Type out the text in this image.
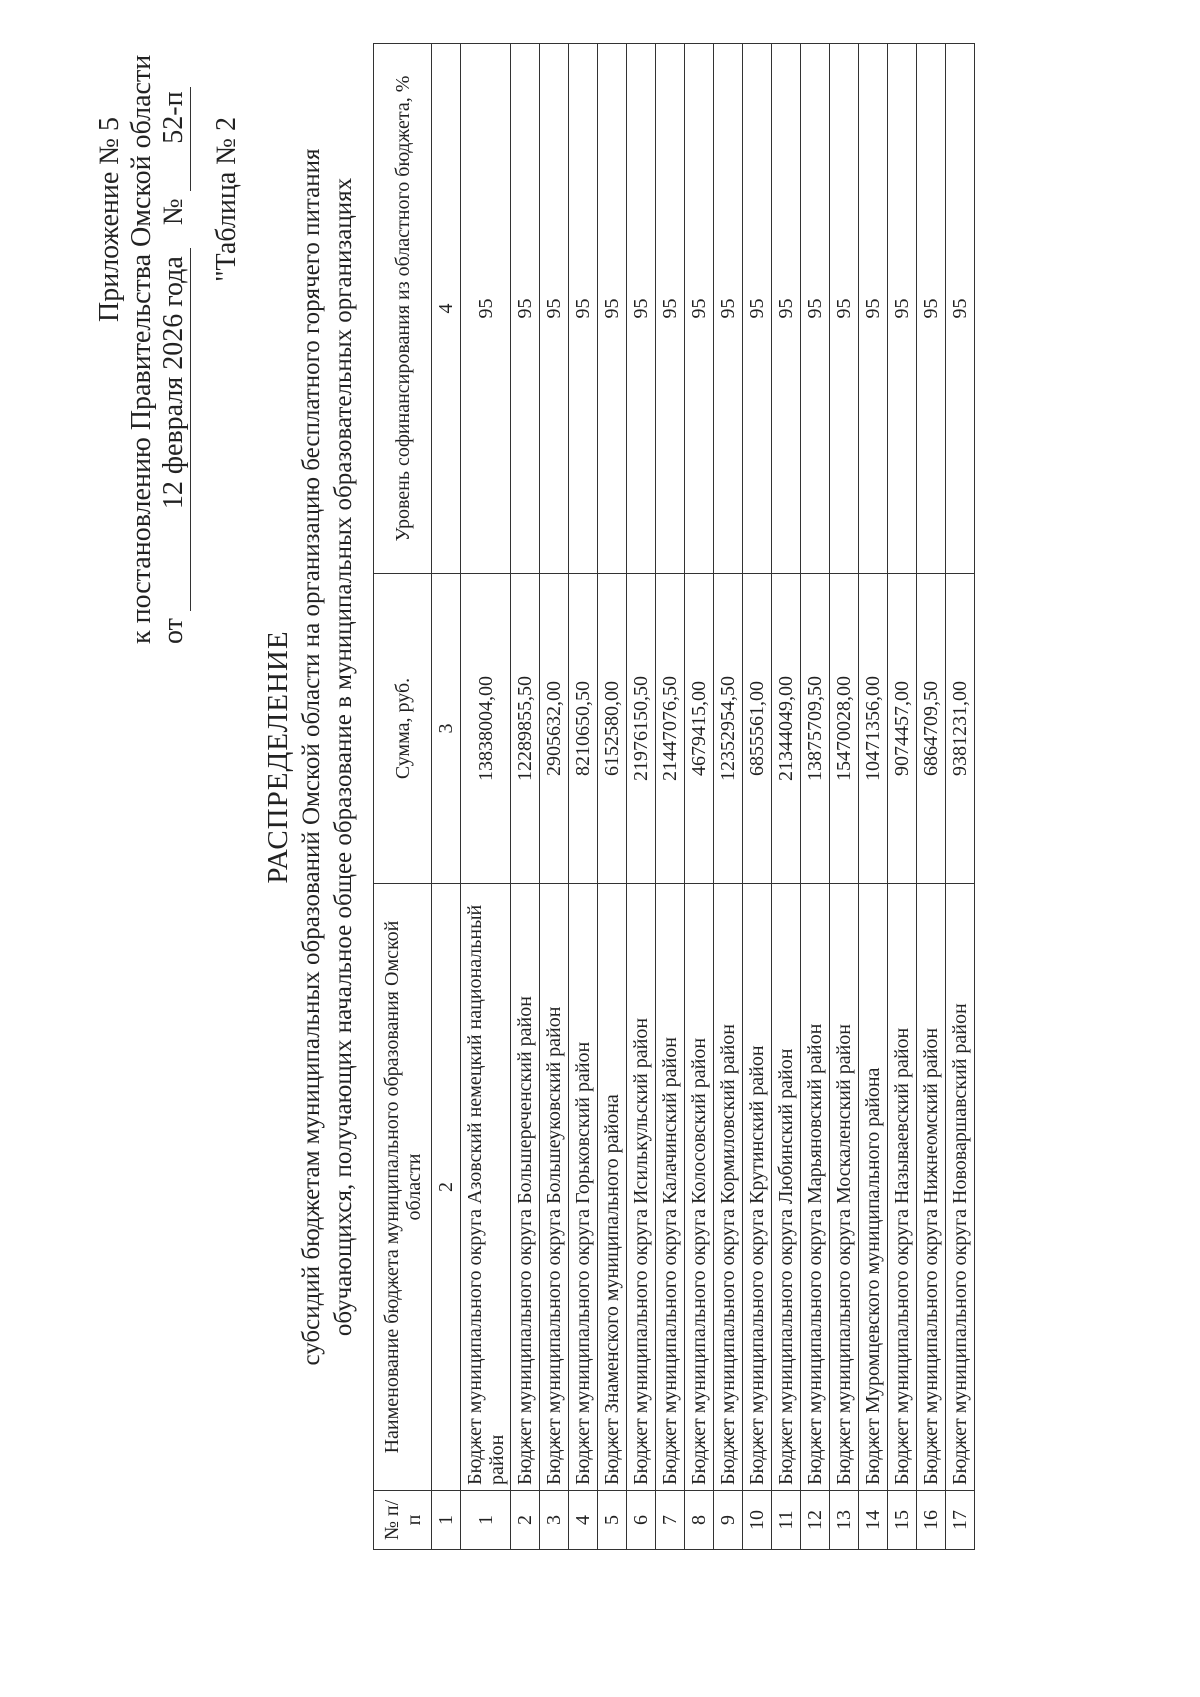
Приложение № 5 к постановлению Правительства Омской области от 12 февраля 2026 года № 52-п "Таблица № 2
РАСПРЕДЕЛЕНИЕ субсидий бюджетам муниципальных образований Омской области на организацию бесплатного горячего питания обучающихся, получающих начальное общее образование в муниципальных образовательных организациях
№ п/п	Наименование бюджета муниципального образования Омской области	Сумма, руб.	Уровень софинансирования из областного бюджета, %
1	2	3	4
1	Бюджет муниципального округа Азовский немецкий национальный район	13838004,00	95
2	Бюджет муниципального округа Большереченский район	12289855,50	95
3	Бюджет муниципального округа Большеуковский район	2905632,00	95
4	Бюджет муниципального округа Горьковский район	8210650,50	95
5	Бюджет Знаменского муниципального района	6152580,00	95
6	Бюджет муниципального округа Исилькульский район	21976150,50	95
7	Бюджет муниципального округа Калачинский район	21447076,50	95
8	Бюджет муниципального округа Колосовский район	4679415,00	95
9	Бюджет муниципального округа Кормиловский район	12352954,50	95
10	Бюджет муниципального округа Крутинский район	6855561,00	95
11	Бюджет муниципального округа Любинский район	21344049,00	95
12	Бюджет муниципального округа Марьяновский район	13875709,50	95
13	Бюджет муниципального округа Москаленский район	15470028,00	95
14	Бюджет Муромцевского муниципального района	10471356,00	95
15	Бюджет муниципального округа Называевский район	9074457,00	95
16	Бюджет муниципального округа Нижнеомский район	6864709,50	95
17	Бюджет муниципального округа Нововаршавский район	9381231,00	95
